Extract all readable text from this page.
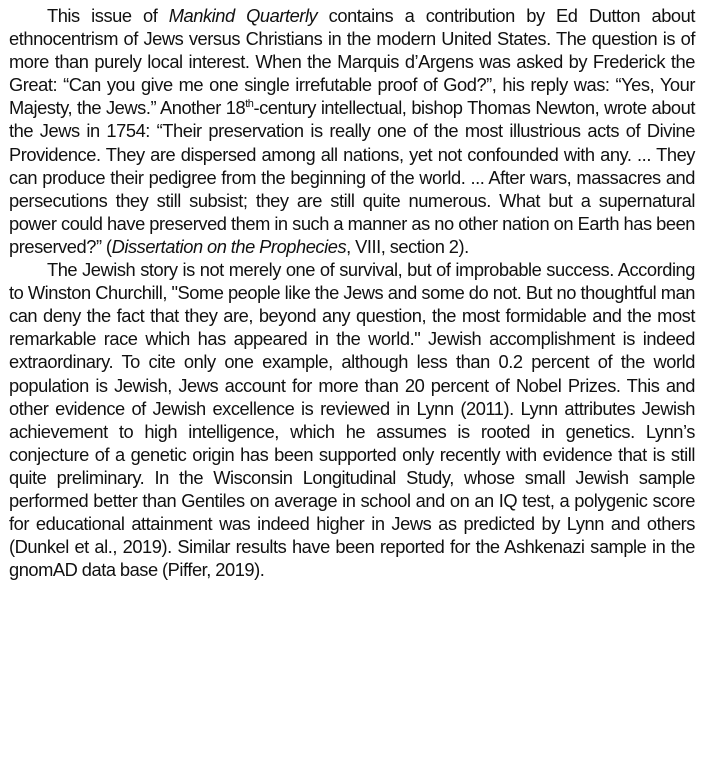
This issue of Mankind Quarterly contains a contribution by Ed Dutton about ethnocentrism of Jews versus Christians in the modern United States. The question is of more than purely local interest. When the Marquis d’Argens was asked by Frederick the Great: “Can you give me one single irrefutable proof of God?”, his reply was: “Yes, Your Majesty, the Jews.” Another 18th-century intellectual, bishop Thomas Newton, wrote about the Jews in 1754: “Their preservation is really one of the most illustrious acts of Divine Providence. They are dispersed among all nations, yet not confounded with any. ... They can produce their pedigree from the beginning of the world. ... After wars, massacres and persecutions they still subsist; they are still quite numerous. What but a supernatural power could have preserved them in such a manner as no other nation on Earth has been preserved?” (Dissertation on the Prophecies, VIII, section 2).

The Jewish story is not merely one of survival, but of improbable success. According to Winston Churchill, "Some people like the Jews and some do not. But no thoughtful man can deny the fact that they are, beyond any question, the most formidable and the most remarkable race which has appeared in the world." Jewish accomplishment is indeed extraordinary. To cite only one example, although less than 0.2 percent of the world population is Jewish, Jews account for more than 20 percent of Nobel Prizes. This and other evidence of Jewish excellence is reviewed in Lynn (2011). Lynn attributes Jewish achievement to high intelligence, which he assumes is rooted in genetics. Lynn’s conjecture of a genetic origin has been supported only recently with evidence that is still quite preliminary. In the Wisconsin Longitudinal Study, whose small Jewish sample performed better than Gentiles on average in school and on an IQ test, a polygenic score for educational attainment was indeed higher in Jews as predicted by Lynn and others (Dunkel et al., 2019). Similar results have been reported for the Ashkenazi sample in the gnomAD data base (Piffer, 2019).
